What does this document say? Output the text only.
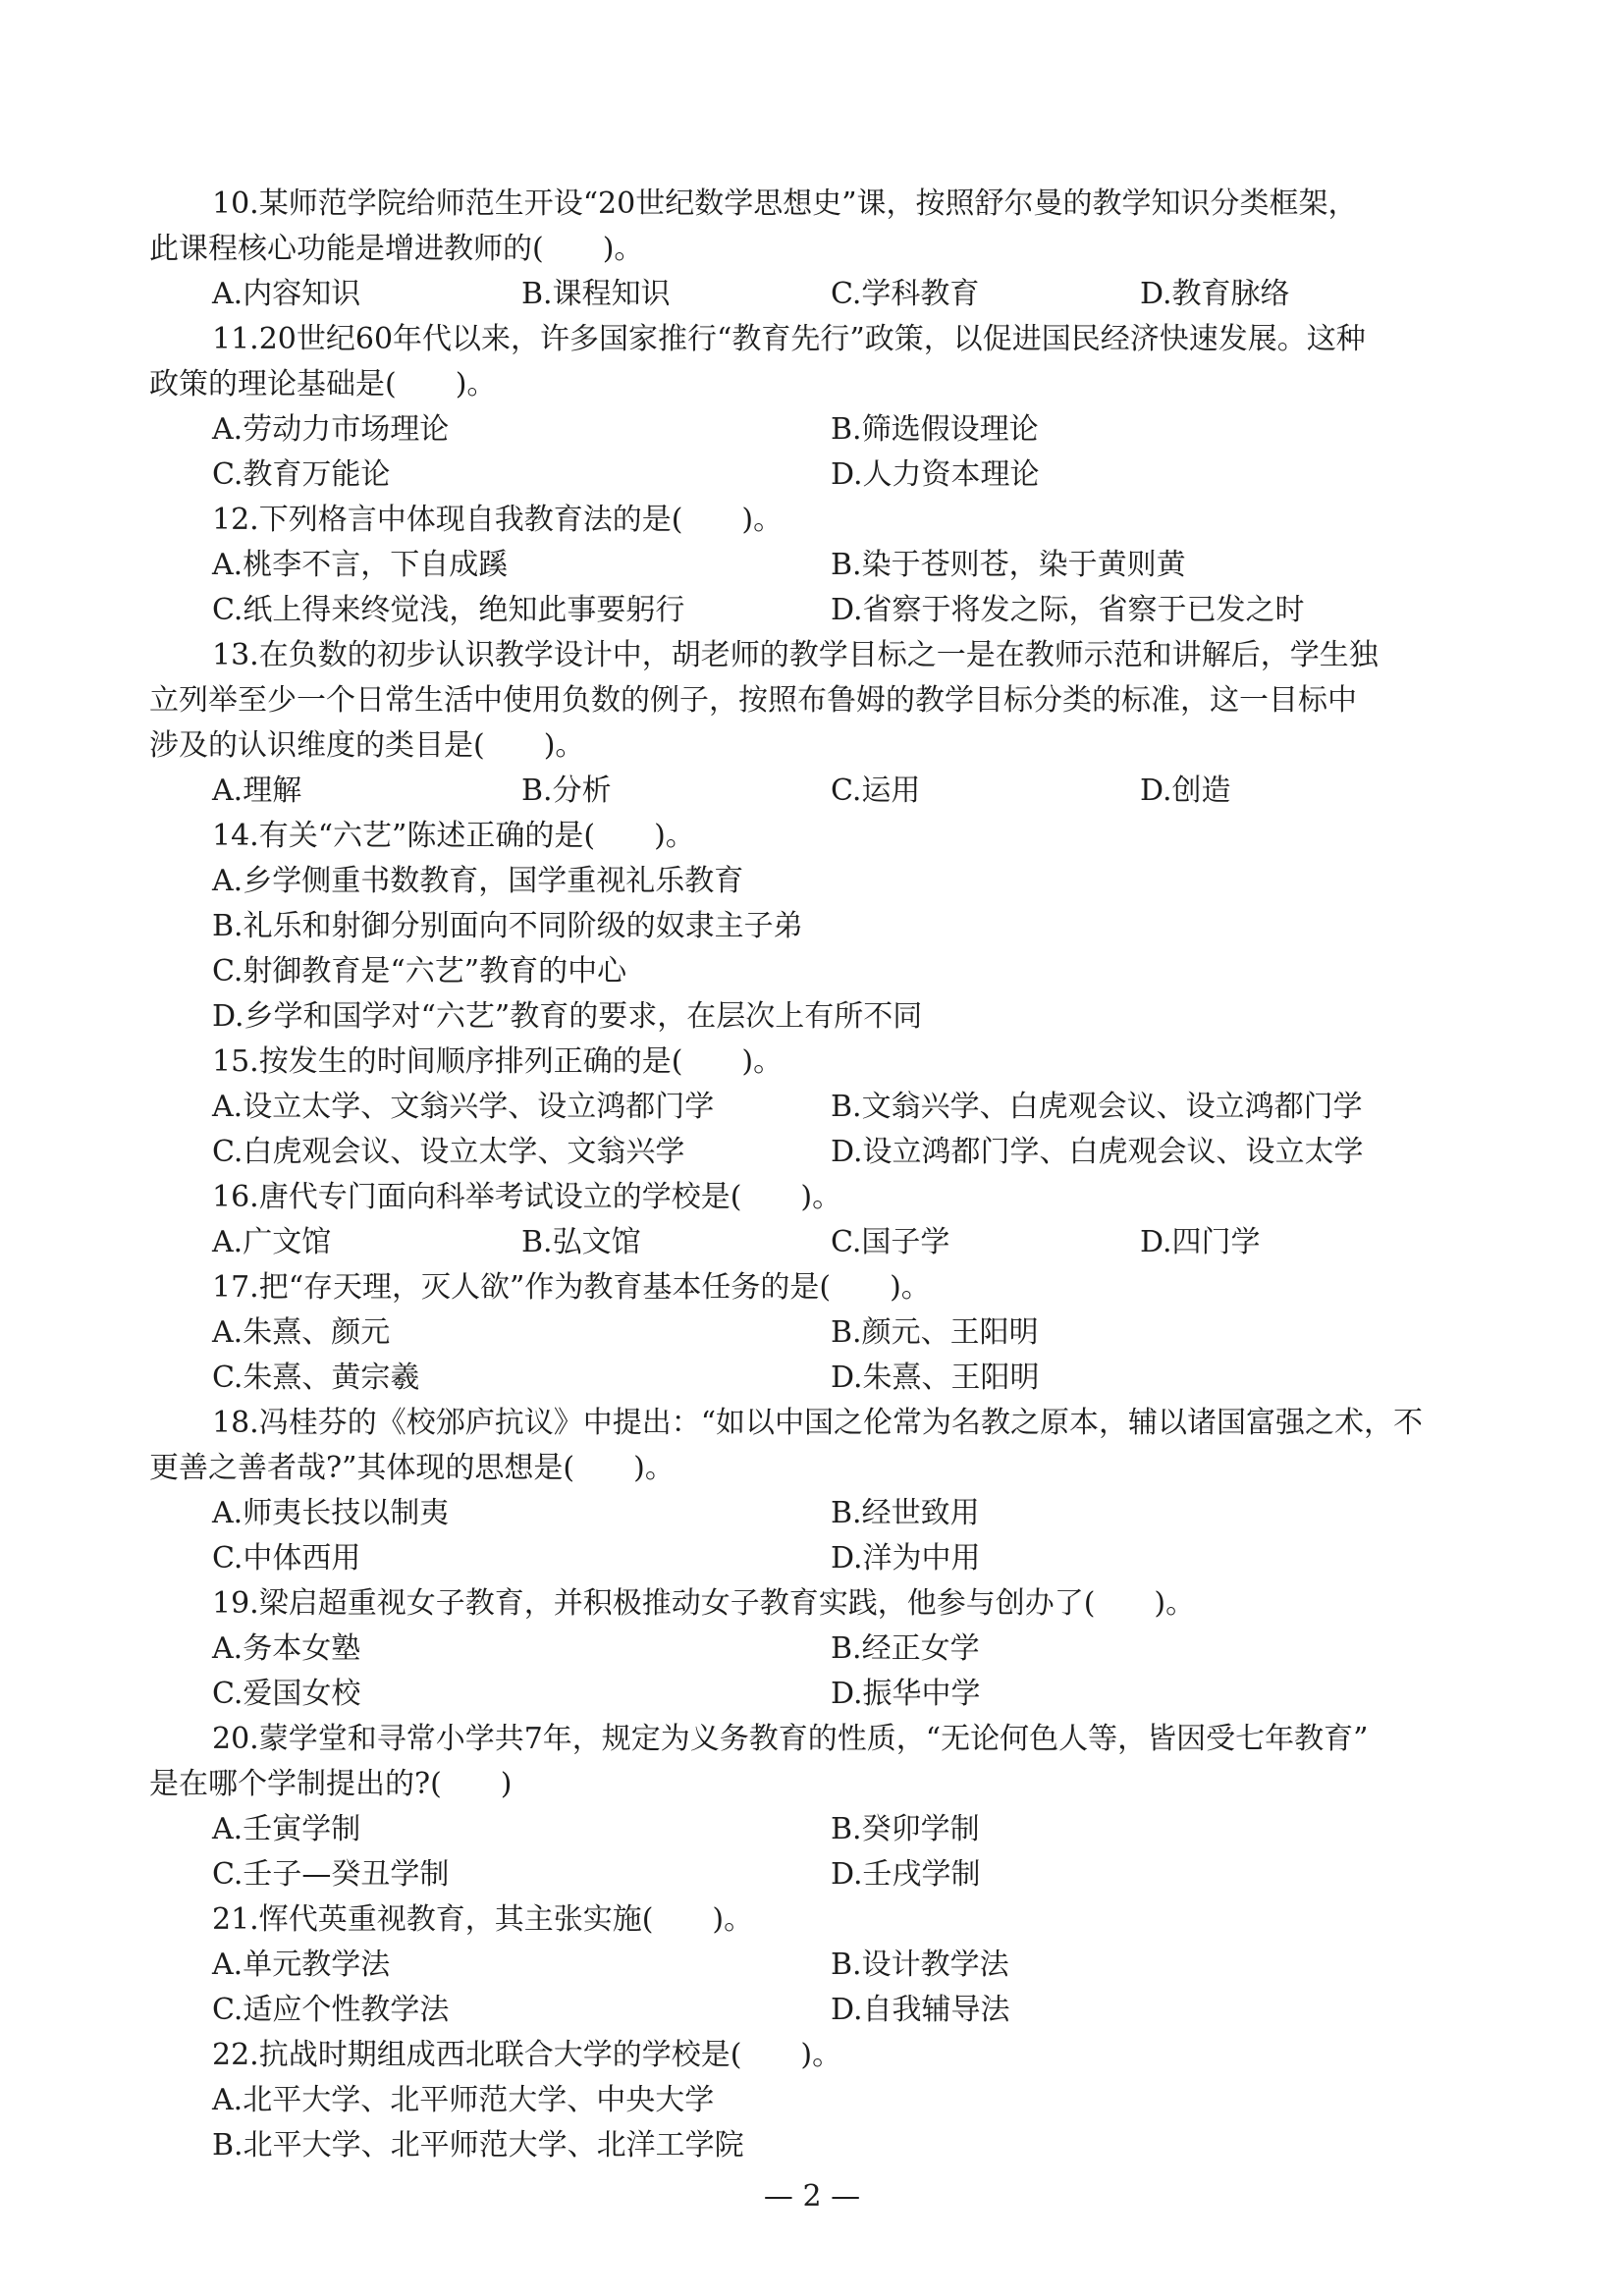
10.某师范学院给师范生开设“20世纪数学思想史”课，按照舒尔曼的教学知识分类框架，
此课程核心功能是增进教师的(　　)。
A.内容知识	B.课程知识	C.学科教育	D.教育脉络
11.20世纪60年代以来，许多国家推行“教育先行”政策，以促进国民经济快速发展。这种
政策的理论基础是(　　)。
A.劳动力市场理论	B.筛选假设理论
C.教育万能论	D.人力资本理论
12.下列格言中体现自我教育法的是(　　)。
A.桃李不言，下自成蹊	B.染于苍则苍，染于黄则黄
C.纸上得来终觉浅，绝知此事要躬行	D.省察于将发之际，省察于已发之时
13.在负数的初步认识教学设计中，胡老师的教学目标之一是在教师示范和讲解后，学生独
立列举至少一个日常生活中使用负数的例子，按照布鲁姆的教学目标分类的标准，这一目标中
涉及的认识维度的类目是(　　)。
A.理解	B.分析	C.运用	D.创造
14.有关“六艺”陈述正确的是(　　)。
A.乡学侧重书数教育，国学重视礼乐教育
B.礼乐和射御分别面向不同阶级的奴隶主子弟
C.射御教育是“六艺”教育的中心
D.乡学和国学对“六艺”教育的要求，在层次上有所不同
15.按发生的时间顺序排列正确的是(　　)。
A.设立太学、文翁兴学、设立鸿都门学	B.文翁兴学、白虎观会议、设立鸿都门学
C.白虎观会议、设立太学、文翁兴学	D.设立鸿都门学、白虎观会议、设立太学
16.唐代专门面向科举考试设立的学校是(　　)。
A.广文馆	B.弘文馆	C.国子学	D.四门学
17.把“存天理，灭人欲”作为教育基本任务的是(　　)。
A.朱熹、颜元	B.颜元、王阳明
C.朱熹、黄宗羲	D.朱熹、王阳明
18.冯桂芬的《校邠庐抗议》中提出：“如以中国之伦常为名教之原本，辅以诸国富强之术，不
更善之善者哉?”其体现的思想是(　　)。
A.师夷长技以制夷	B.经世致用
C.中体西用	D.洋为中用
19.梁启超重视女子教育，并积极推动女子教育实践，他参与创办了(　　)。
A.务本女塾	B.经正女学
C.爱国女校	D.振华中学
20.蒙学堂和寻常小学共7年，规定为义务教育的性质，“无论何色人等，皆因受七年教育”
是在哪个学制提出的?(　　)
A.壬寅学制	B.癸卯学制
C.壬子—癸丑学制	D.壬戌学制
21.恽代英重视教育，其主张实施(　　)。
A.单元教学法	B.设计教学法
C.适应个性教学法	D.自我辅导法
22.抗战时期组成西北联合大学的学校是(　　)。
A.北平大学、北平师范大学、中央大学
B.北平大学、北平师范大学、北洋工学院
— 2 —
